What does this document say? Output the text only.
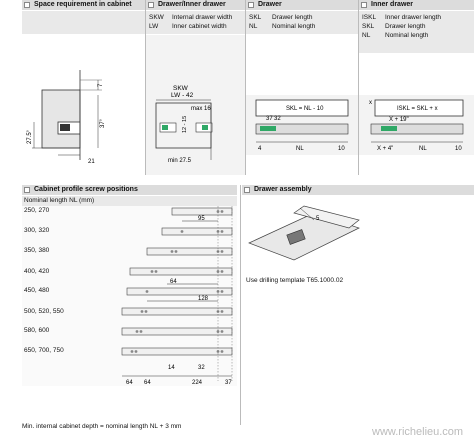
Space requirement in cabinet	Drawer/Inner drawer	Drawer	Inner drawer
SKW Internal drawer width
LW Inner cabinet width
SKL Drawer length
NL Nominal length
ISKL Inner drawer length
SKL Drawer length
NL Nominal length
7
37°
27.5°
21
SKW
LW - 42
max 16
12 - 15
min 27.5
SKL = NL - 10
37 32
4	NL	10
x
ISKL = SKL + x
X + 19"
X + 4"	NL	10
Cabinet profile screw positions	Drawer assembly
Nominal length NL (mm)
250, 270
300, 320
350, 380
400, 420
450, 480
500, 520, 550
580, 600
650, 700, 750
95
64
128
64 64
14	32
224	37
5
Use drilling template T65.1000.02
Min. internal cabinet depth = nominal length NL + 3 mm	www.richelieu.com
